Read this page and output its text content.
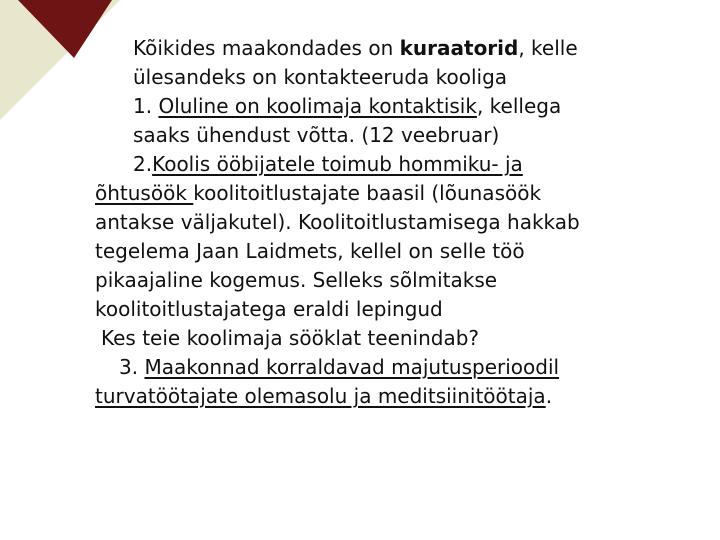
Kõikides maakondades on kuraatorid, kelle
ülesandeks on kontakteeruda kooliga
1. Oluline on koolimaja kontaktisik, kellega
saaks ühendust võtta. (12 veebruar)
2.Koolis ööbijatele toimub hommiku- ja
õhtusöök koolitoitlustajate baasil (lõunasöök
antakse väljakutel). Koolitoitlustamisega hakkab
tegelema Jaan Laidmets, kellel on selle töö
pikaajaline kogemus. Selleks sõlmitakse
koolitoitlustajatega eraldi lepingud
Kes teie koolimaja sööklat teenindab?
3. Maakonnad korraldavad majutusperioodil
turvatöötajate olemasolu ja meditsiinitöötaja.
